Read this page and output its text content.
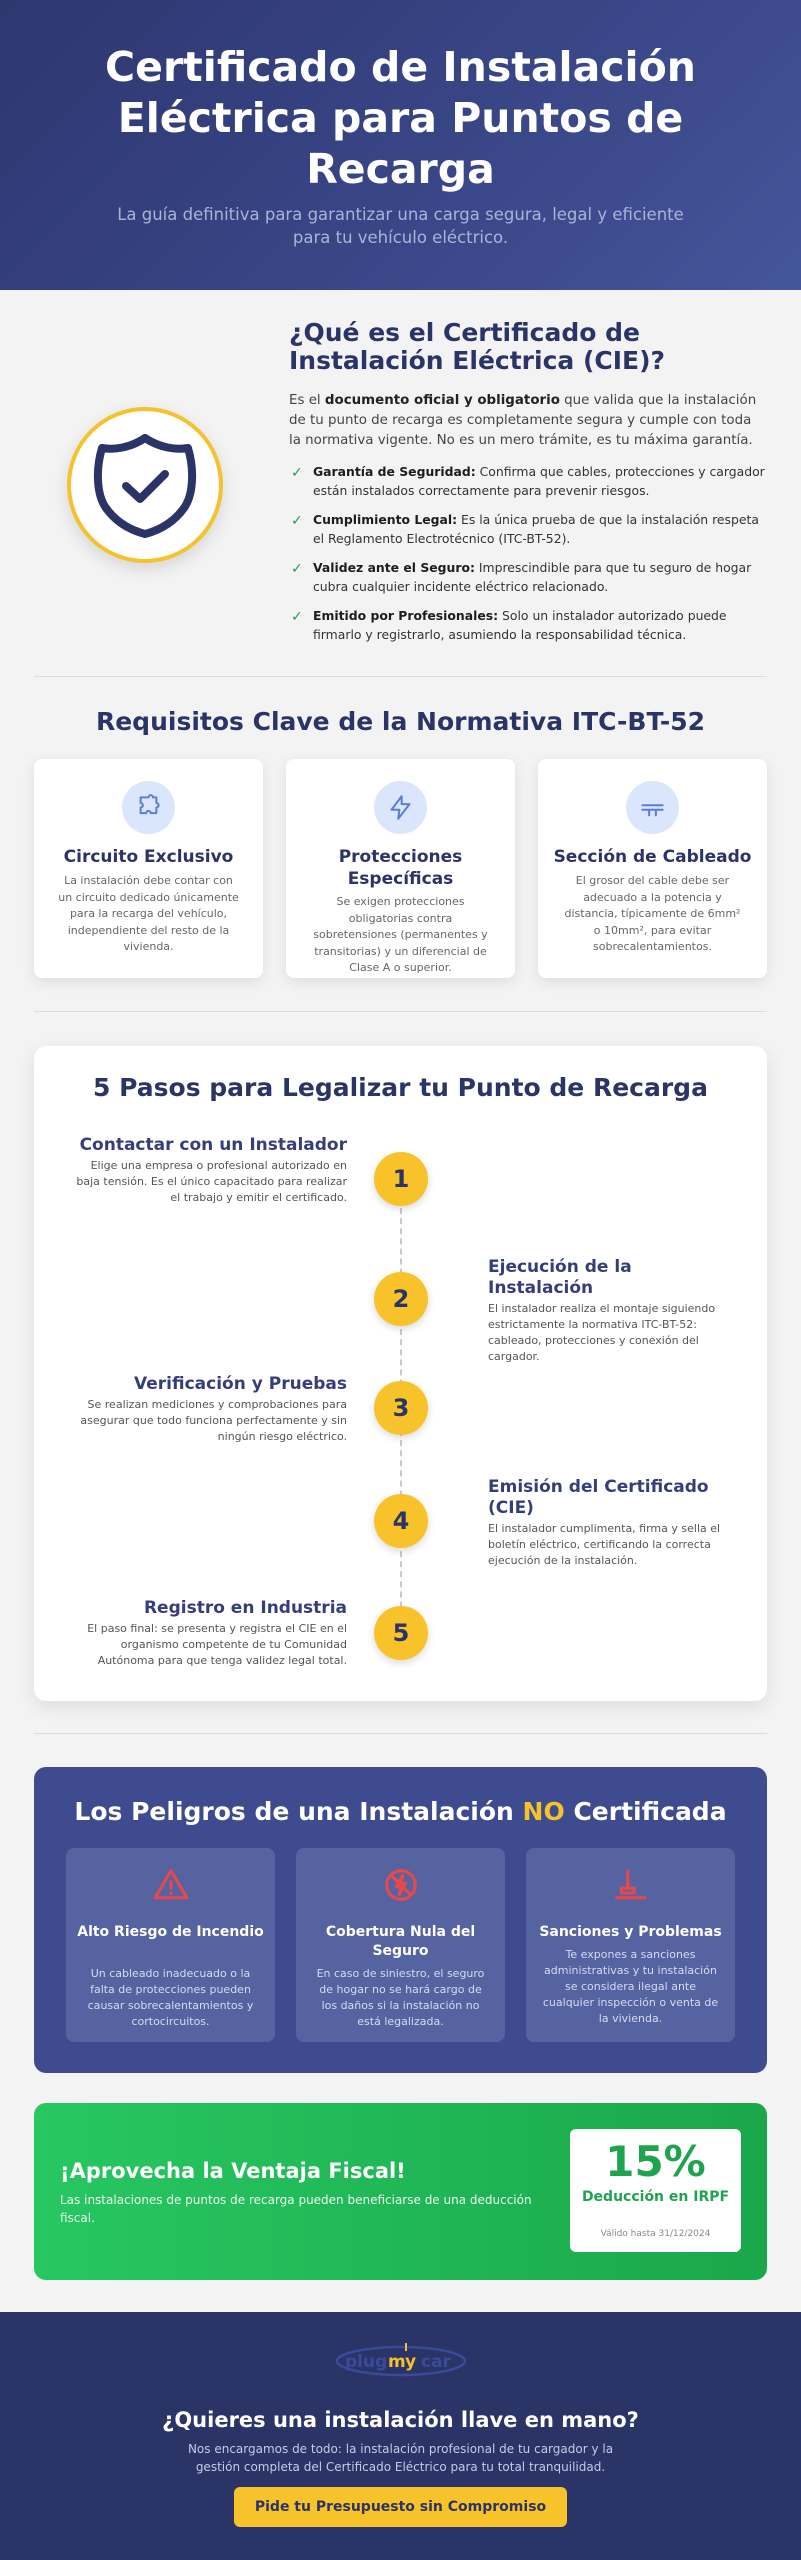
Certificado de Instalación Eléctrica para Puntos de Recarga

La guía definitiva para garantizar una carga segura, legal y eficiente para tu vehículo eléctrico.

¿Qué es el Certificado de Instalación Eléctrica (CIE)?

Es el documento oficial y obligatorio que valida que la instalación de tu punto de recarga es completamente segura y cumple con toda la normativa vigente. No es un mero trámite, es tu máxima garantía.

✓ Garantía de Seguridad: Confirma que cables, protecciones y cargador están instalados correctamente para prevenir riesgos.
✓ Cumplimiento Legal: Es la única prueba de que la instalación respeta el Reglamento Electrotécnico (ITC-BT-52).
✓ Validez ante el Seguro: Imprescindible para que tu seguro de hogar cubra cualquier incidente eléctrico relacionado.
✓ Emitido por Profesionales: Solo un instalador autorizado puede firmarlo y registrarlo, asumiendo la responsabilidad técnica.
Requisitos Clave de la Normativa ITC-BT-52
Circuito Exclusivo

La instalación debe contar con un circuito dedicado únicamente para la recarga del vehículo, independiente del resto de la vivienda.

Protecciones Específicas

Se exigen protecciones obligatorias contra sobretensiones (permanentes y transitorias) y un diferencial de Clase A o superior.

Sección de Cableado

El grosor del cable debe ser adecuado a la potencia y distancia, típicamente de 6mm² o 10mm², para evitar sobrecalentamientos.

5 Pasos para Legalizar tu Punto de Recarga
Contactar con un Instalador
Elige una empresa o profesional autorizado en baja tensión. Es el único capacitado para realizar el trabajo y emitir el certificado.
1
2
Ejecución de la Instalación
El instalador realiza el montaje siguiendo estrictamente la normativa ITC-BT-52: cableado, protecciones y conexión del cargador.
Verificación y Pruebas
Se realizan mediciones y comprobaciones para asegurar que todo funciona perfectamente y sin ningún riesgo eléctrico.
3
4
Emisión del Certificado (CIE)
El instalador cumplimenta, firma y sella el boletín eléctrico, certificando la correcta ejecución de la instalación.
Registro en Industria
El paso final: se presenta y registra el CIE en el organismo competente de tu Comunidad Autónoma para que tenga validez legal total.
5
Los Peligros de una Instalación NO Certificada
Alto Riesgo de Incendio

Un cableado inadecuado o la falta de protecciones pueden causar sobrecalentamientos y cortocircuitos.

Cobertura Nula del Seguro

En caso de siniestro, el seguro de hogar no se hará cargo de los daños si la instalación no está legalizada.

Sanciones y Problemas

Te expones a sanciones administrativas y tu instalación se considera ilegal ante cualquier inspección o venta de la vivienda.

¡Aprovecha la Ventaja Fiscal!

Las instalaciones de puntos de recarga pueden beneficiarse de una deducción fiscal.

15%
Deducción en IRPF
Válido hasta 31/12/2024
plug m y car
¿Quieres una instalación llave en mano?

Nos encargamos de todo: la instalación profesional de tu cargador y la gestión completa del Certificado Eléctrico para tu total tranquilidad.

Pide tu Presupuesto sin Compromiso
